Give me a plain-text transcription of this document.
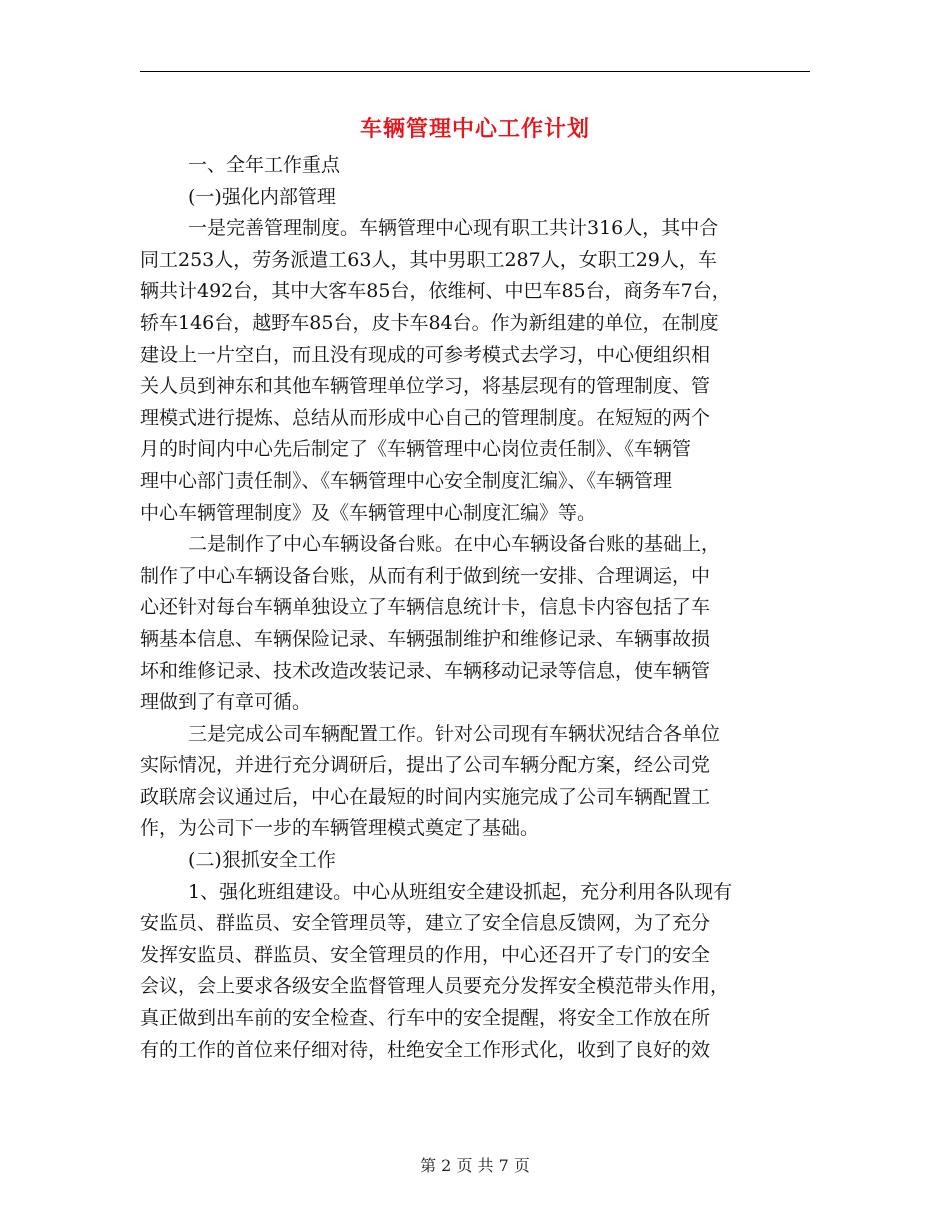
车辆管理中心工作计划
一、全年工作重点
(一)强化内部管理
一是完善管理制度。车辆管理中心现有职工共计316人，其中合
同工253人，劳务派遣工63人，其中男职工287人，女职工29人，车
辆共计492台，其中大客车85台，依维柯、中巴车85台，商务车7台，
轿车146台，越野车85台，皮卡车84台。作为新组建的单位，在制度
建设上一片空白，而且没有现成的可参考模式去学习，中心便组织相
关人员到神东和其他车辆管理单位学习，将基层现有的管理制度、管
理模式进行提炼、总结从而形成中心自己的管理制度。在短短的两个
月的时间内中心先后制定了《车辆管理中心岗位责任制》、《车辆管
理中心部门责任制》、《车辆管理中心安全制度汇编》、《车辆管理
中心车辆管理制度》及《车辆管理中心制度汇编》等。
二是制作了中心车辆设备台账。在中心车辆设备台账的基础上，
制作了中心车辆设备台账，从而有利于做到统一安排、合理调运，中
心还针对每台车辆单独设立了车辆信息统计卡，信息卡内容包括了车
辆基本信息、车辆保险记录、车辆强制维护和维修记录、车辆事故损
坏和维修记录、技术改造改装记录、车辆移动记录等信息，使车辆管
理做到了有章可循。
三是完成公司车辆配置工作。针对公司现有车辆状况结合各单位
实际情况，并进行充分调研后，提出了公司车辆分配方案，经公司党
政联席会议通过后，中心在最短的时间内实施完成了公司车辆配置工
作，为公司下一步的车辆管理模式奠定了基础。
(二)狠抓安全工作
1、强化班组建设。中心从班组安全建设抓起，充分利用各队现有
安监员、群监员、安全管理员等，建立了安全信息反馈网，为了充分
发挥安监员、群监员、安全管理员的作用，中心还召开了专门的安全
会议，会上要求各级安全监督管理人员要充分发挥安全模范带头作用，
真正做到出车前的安全检查、行车中的安全提醒，将安全工作放在所
有的工作的首位来仔细对待，杜绝安全工作形式化，收到了良好的效
第 2 页 共 7 页
